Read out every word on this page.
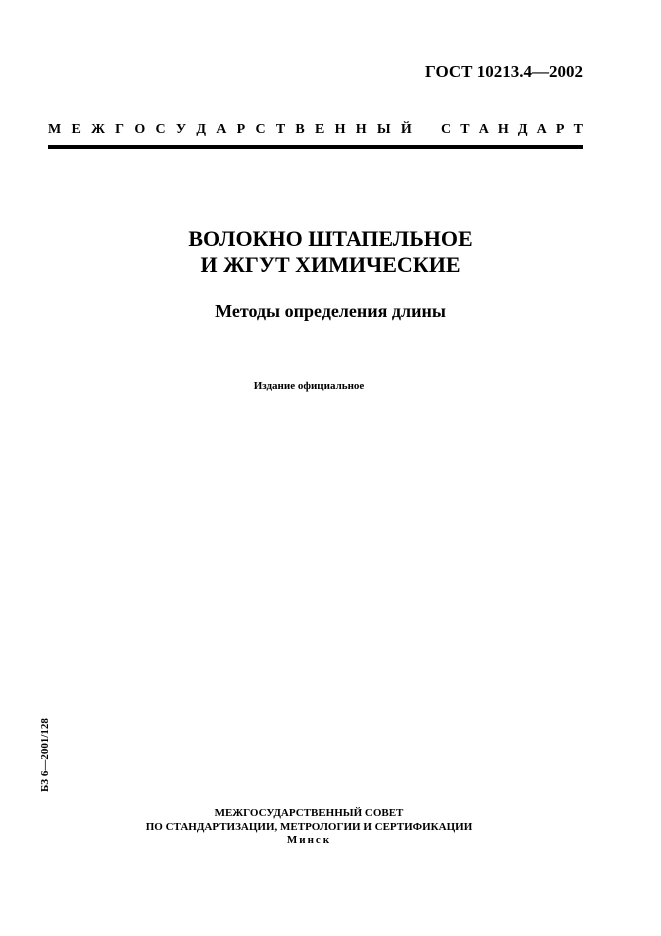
ГОСТ 10213.4—2002
М Е Ж Г О С У Д А Р С Т В Е Н Н Ы Й С Т А Н Д А Р Т
ВОЛОКНО ШТАПЕЛЬНОЕ
И ЖГУТ ХИМИЧЕСКИЕ
Методы определения длины
Издание официальное
БЗ 6—2001/128
МЕЖГОСУДАРСТВЕННЫЙ СОВЕТ
ПО СТАНДАРТИЗАЦИИ, МЕТРОЛОГИИ И СЕРТИФИКАЦИИ
Минск
